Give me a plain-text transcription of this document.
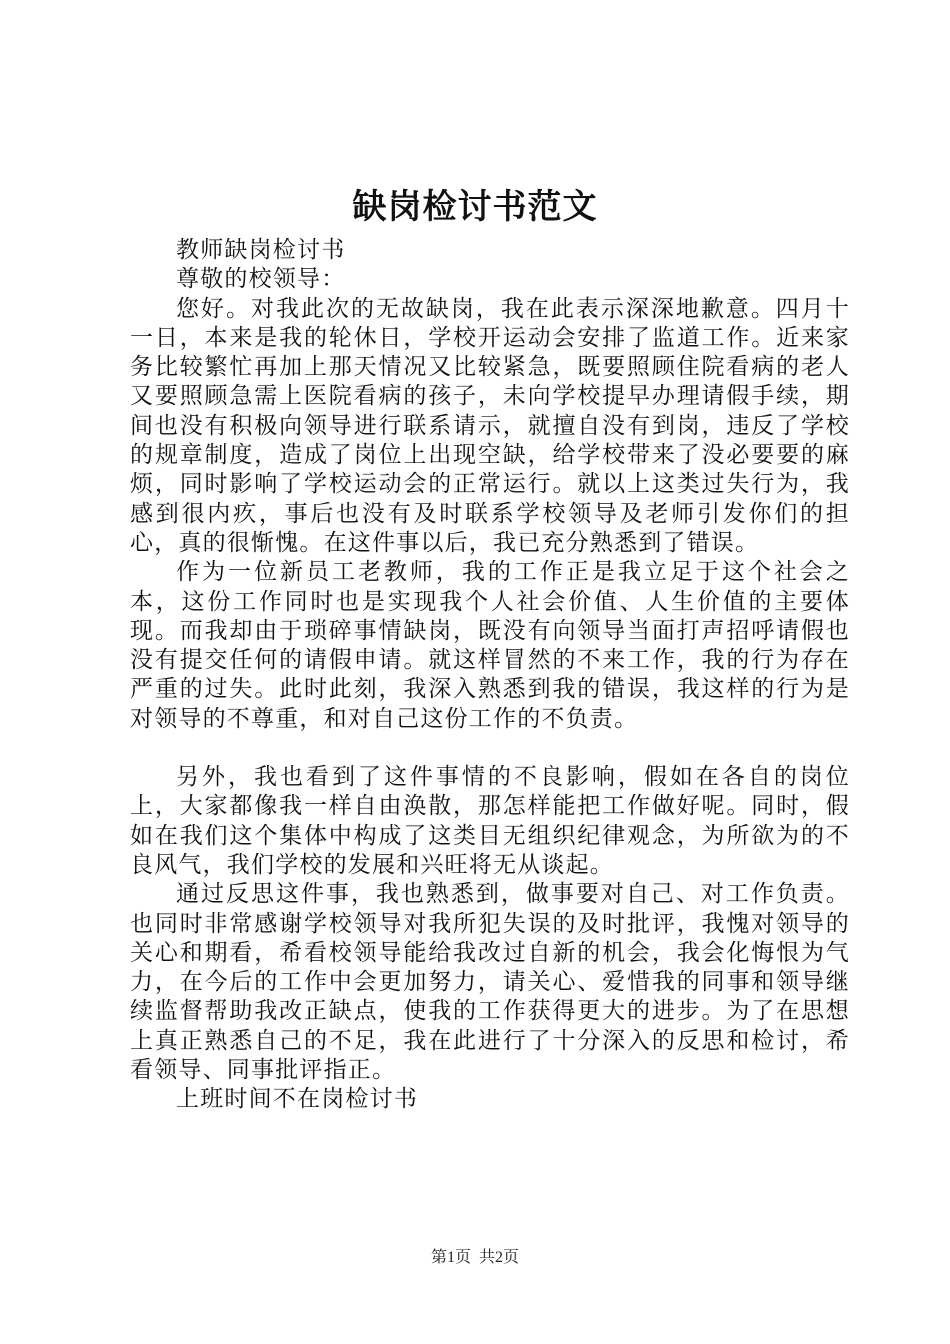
缺岗检讨书范文

教师缺岗检讨书

尊敬的校领导：

您好。对我此次的无故缺岗，我在此表示深深地歉意。四月十一日，本来是我的轮休日，学校开运动会安排了监道工作。近来家务比较繁忙再加上那天情况又比较紧急，既要照顾住院看病的老人又要照顾急需上医院看病的孩子，未向学校提早办理请假手续，期间也没有积极向领导进行联系请示，就擅自没有到岗，违反了学校的规章制度，造成了岗位上出现空缺，给学校带来了没必要要的麻烦，同时影响了学校运动会的正常运行。就以上这类过失行为，我感到很内疚，事后也没有及时联系学校领导及老师引发你们的担心，真的很惭愧。在这件事以后，我已充分熟悉到了错误。

作为一位新员工老教师，我的工作正是我立足于这个社会之本，这份工作同时也是实现我个人社会价值、人生价值的主要体现。而我却由于琐碎事情缺岗，既没有向领导当面打声招呼请假也没有提交任何的请假申请。就这样冒然的不来工作，我的行为存在严重的过失。此时此刻，我深入熟悉到我的错误，我这样的行为是对领导的不尊重，和对自己这份工作的不负责。

另外，我也看到了这件事情的不良影响，假如在各自的岗位上，大家都像我一样自由涣散，那怎样能把工作做好呢。同时，假如在我们这个集体中构成了这类目无组织纪律观念，为所欲为的不良风气，我们学校的发展和兴旺将无从谈起。

通过反思这件事，我也熟悉到，做事要对自己、对工作负责。也同时非常感谢学校领导对我所犯失误的及时批评，我愧对领导的关心和期看，希看校领导能给我改过自新的机会，我会化悔恨为气力，在今后的工作中会更加努力，请关心、爱惜我的同事和领导继续监督帮助我改正缺点，使我的工作获得更大的进步。为了在思想上真正熟悉自己的不足，我在此进行了十分深入的反思和检讨，希看领导、同事批评指正。

上班时间不在岗检讨书

第1页 共2页
